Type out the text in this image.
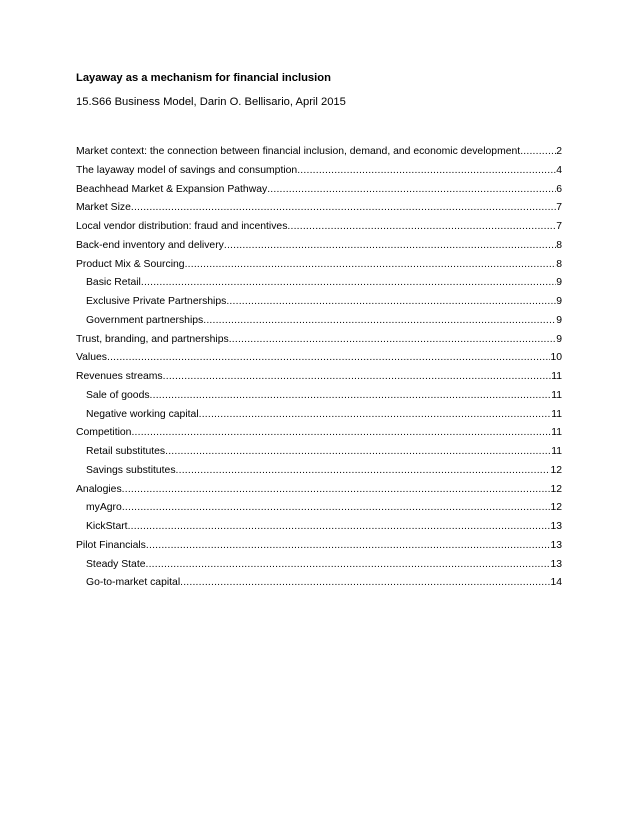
Layaway as a mechanism for financial inclusion
15.S66 Business Model, Darin O. Bellisario, April 2015
Market context: the connection between financial inclusion, demand, and economic development .....	2
The layaway model of savings and consumption .....	4
Beachhead Market & Expansion Pathway .....	6
Market Size .....	7
Local vendor distribution: fraud and incentives .....	7
Back-end inventory and delivery .....	8
Product Mix & Sourcing .....	8
Basic Retail .....	9
Exclusive Private Partnerships .....	9
Government partnerships .....	9
Trust, branding, and partnerships .....	9
Values .....	10
Revenues streams .....	11
Sale of goods .....	11
Negative working capital .....	11
Competition .....	11
Retail substitutes .....	11
Savings substitutes .....	12
Analogies .....	12
myAgro .....	12
KickStart .....	13
Pilot Financials .....	13
Steady State .....	13
Go-to-market capital .....	14
